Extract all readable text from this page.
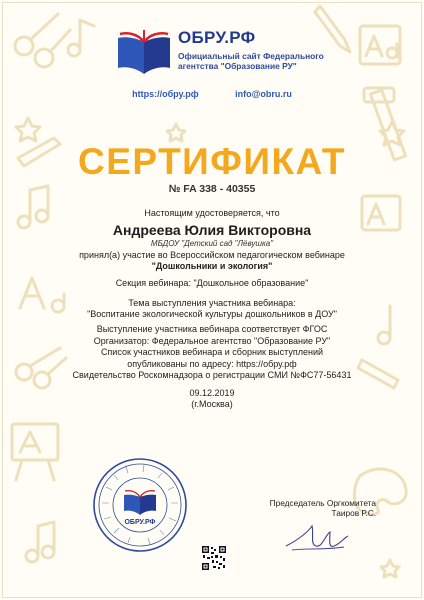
ОБРУ.РФ
Официальный сайт Федерального
агентства "Образование РУ"
https://обру.рф	info@obru.ru
СЕРТИФИКАТ
№ FA 338 - 40355
Настоящим удостоверяется, что
Андреева Юлия Викторовна
МБДОУ "Детский сад "Лёвушка"
принял(а) участие во Всероссийском педагогическом вебинаре
"Дошкольники и экология"
Секция вебинара: "Дошкольное образование"
Тема выступления участника вебинара:
"Воспитание экологической культуры дошкольников в ДОУ"
Выступление участника вебинара соответствует ФГОС
Организатор: Федеральное агентство "Образование РУ"
Список участников вебинара и сборник выступлений
опубликованы по адресу: https://обру.рф
Свидетельство Роскомнадзора о регистрации СМИ №ФС77-56431
09.12.2019
(г.Москва)
ОБРУ.РФ
Председатель Оргкомитета
Таиров Р.С.
